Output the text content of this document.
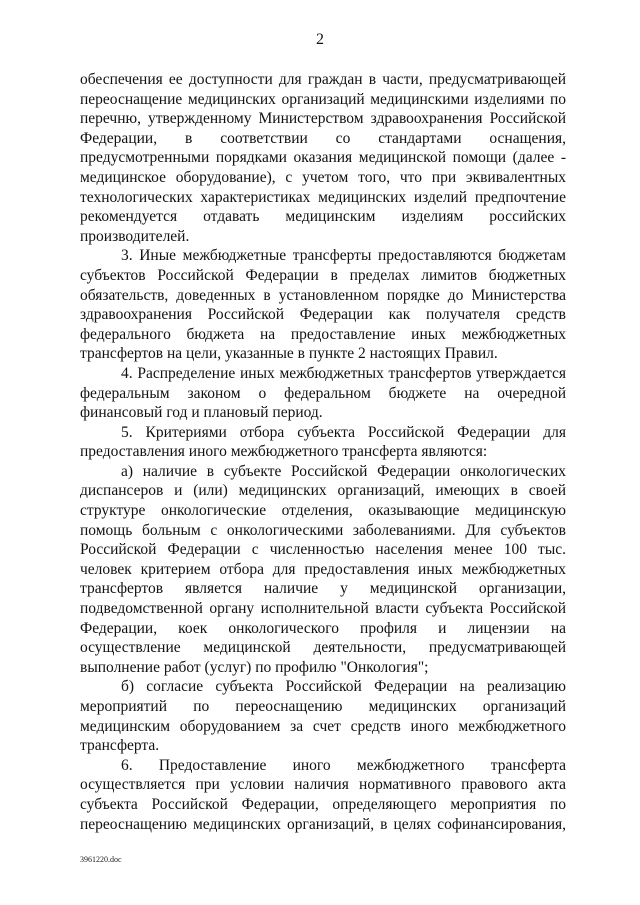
2

обеспечения ее доступности для граждан в части, предусматривающей переоснащение медицинских организаций медицинскими изделиями по перечню, утвержденному Министерством здравоохранения Российской Федерации, в соответствии со стандартами оснащения, предусмотренными порядками оказания медицинской помощи (далее - медицинское оборудование), с учетом того, что при эквивалентных технологических характеристиках медицинских изделий предпочтение рекомендуется отдавать медицинским изделиям российских производителей.

3. Иные межбюджетные трансферты предоставляются бюджетам субъектов Российской Федерации в пределах лимитов бюджетных обязательств, доведенных в установленном порядке до Министерства здравоохранения Российской Федерации как получателя средств федерального бюджета на предоставление иных межбюджетных трансфертов на цели, указанные в пункте 2 настоящих Правил.

4. Распределение иных межбюджетных трансфертов утверждается федеральным законом о федеральном бюджете на очередной финансовый год и плановый период.

5. Критериями отбора субъекта Российской Федерации для предоставления иного межбюджетного трансферта являются:

а) наличие в субъекте Российской Федерации онкологических диспансеров и (или) медицинских организаций, имеющих в своей структуре онкологические отделения, оказывающие медицинскую помощь больным с онкологическими заболеваниями. Для субъектов Российской Федерации с численностью населения менее 100 тыс. человек критерием отбора для предоставления иных межбюджетных трансфертов является наличие у медицинской организации, подведомственной органу исполнительной власти субъекта Российской Федерации, коек онкологического профиля и лицензии на осуществление медицинской деятельности, предусматривающей выполнение работ (услуг) по профилю "Онкология";

б) согласие субъекта Российской Федерации на реализацию мероприятий по переоснащению медицинских организаций медицинским оборудованием за счет средств иного межбюджетного трансферта.

6. Предоставление иного межбюджетного трансферта осуществляется при условии наличия нормативного правового акта субъекта Российской Федерации, определяющего мероприятия по переоснащению медицинских организаций, в целях софинансирования,

3961220.doc
